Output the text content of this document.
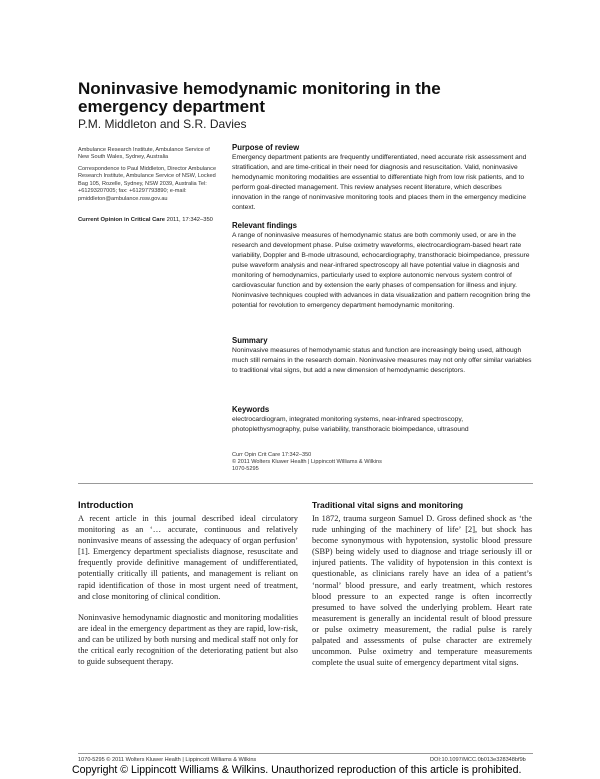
Noninvasive hemodynamic monitoring in the emergency department
P.M. Middleton and S.R. Davies

Ambulance Research Institute, Ambulance Service of New South Wales, Sydney, Australia

Correspondence to Paul Middleton, Director Ambulance Research Institute, Ambulance Service of NSW, Locked Bag 105, Rozelle, Sydney, NSW 2039, Australia Tel: +61293207005; fax: +61297793890; e-mail: pmiddleton@ambulance.nsw.gov.au

Current Opinion in Critical Care 2011, 17:342–350

Purpose of review

Emergency department patients are frequently undifferentiated, need accurate risk assessment and stratification, and are time-critical in their need for diagnosis and resuscitation. Valid, noninvasive hemodynamic monitoring modalities are essential to differentiate high from low risk patients, and to perform goal-directed management. This review analyses recent literature, which describes innovation in the range of noninvasive monitoring tools and places them in the emergency medicine context.

Relevant findings

A range of noninvasive measures of hemodynamic status are both commonly used, or are in the research and development phase. Pulse oximetry waveforms, electrocardiogram-based heart rate variability, Doppler and B-mode ultrasound, echocardiography, transthoracic bioimpedance, pressure pulse waveform analysis and near-infrared spectroscopy all have potential value in diagnosis and monitoring of hemodynamics, particularly used to explore autonomic nervous system control of cardiovascular function and by extension the early phases of compensation for illness and injury. Noninvasive techniques coupled with advances in data visualization and pattern recognition bring the potential for revolution to emergency department hemodynamic monitoring.

Summary

Noninvasive measures of hemodynamic status and function are increasingly being used, although much still remains in the research domain. Noninvasive measures may not only offer similar variables to traditional vital signs, but add a new dimension of hemodynamic descriptors.

Keywords

electrocardiogram, integrated monitoring systems, near-infrared spectroscopy, photoplethysmography, pulse variability, transthoracic bioimpedance, ultrasound

Curr Opin Crit Care 17:342–350
© 2011 Wolters Kluwer Health | Lippincott Williams & Wilkins
1070-5295

Introduction

A recent article in this journal described ideal circulatory monitoring as an ‘… accurate, continuous and relatively noninvasive means of assessing the adequacy of organ perfusion’ [1]. Emergency department specialists diagnose, resuscitate and frequently provide definitive management of undifferentiated, potentially critically ill patients, and management is reliant on rapid identification of those in most urgent need of treatment, and close monitoring of clinical condition.

Noninvasive hemodynamic diagnostic and monitoring modalities are ideal in the emergency department as they are rapid, low-risk, and can be utilized by both nursing and medical staff not only for the critical early recognition of the deteriorating patient but also to guide subsequent therapy.

Traditional vital signs and monitoring

In 1872, trauma surgeon Samuel D. Gross defined shock as ‘the rude unhinging of the machinery of life’ [2], but shock has become synonymous with hypotension, systolic blood pressure (SBP) being widely used to diagnose and triage seriously ill or injured patients. The validity of hypotension in this context is questionable, as clinicians rarely have an idea of a patient’s ‘normal’ blood pressure, and early treatment, which restores blood pressure to an expected range is often incorrectly presumed to have solved the underlying problem. Heart rate measurement is generally an incidental result of blood pressure or pulse oximetry measurement, the radial pulse is rarely palpated and assessments of pulse character are extremely uncommon. Pulse oximetry and temperature measurements complete the usual suite of emergency department vital signs.

1070-5295 © 2011 Wolters Kluwer Health | Lippincott Williams & Wilkins	DOI:10.1097/MCC.0b013e328348bf9b
Copyright © Lippincott Williams & Wilkins. Unauthorized reproduction of this article is prohibited.
